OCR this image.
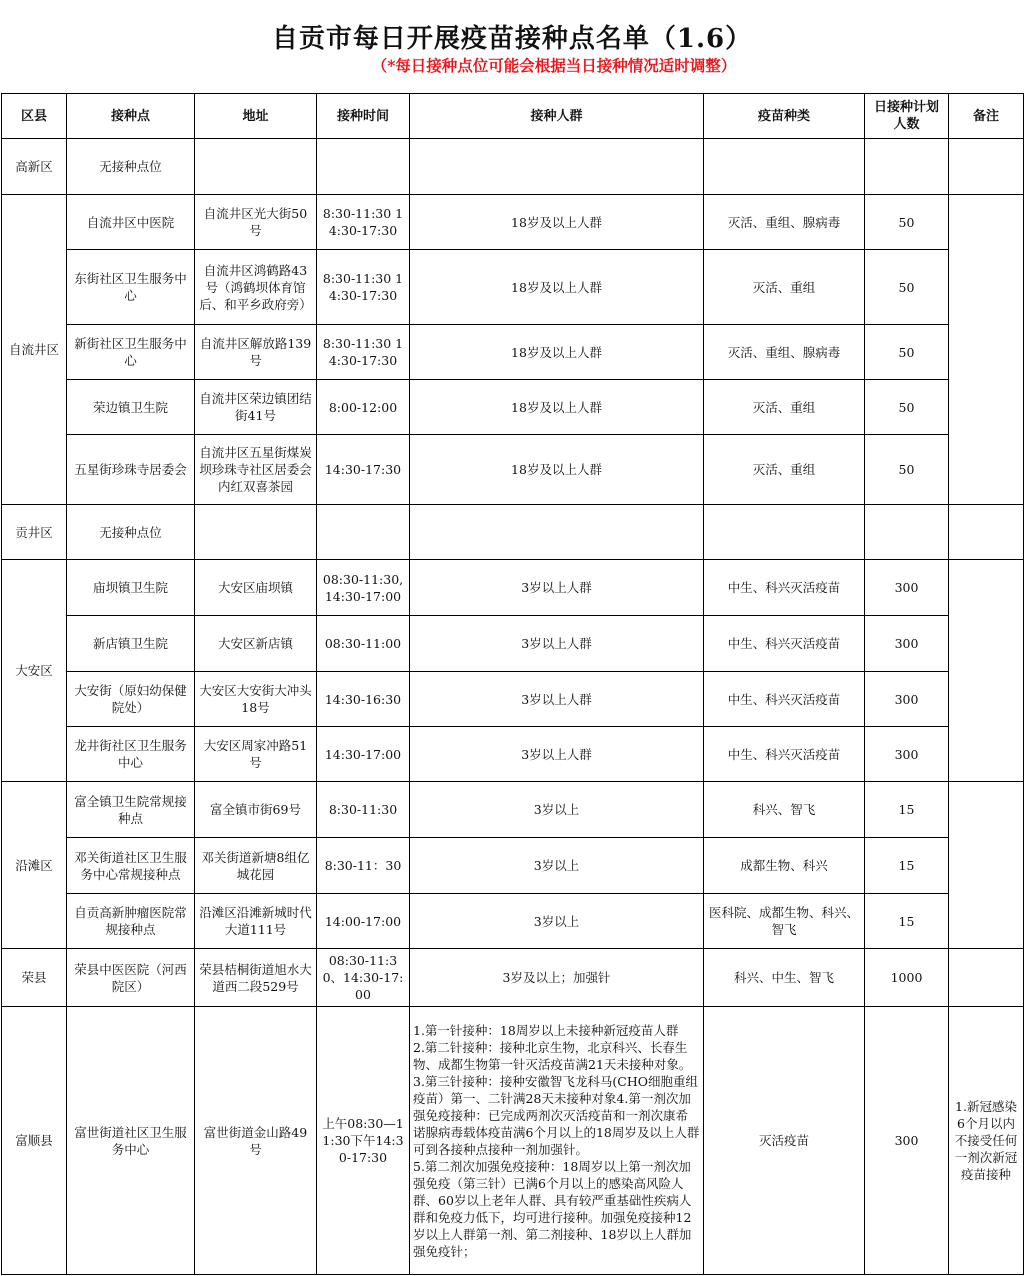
自贡市每日开展疫苗接种点名单（1.6）
（*每日接种点位可能会根据当日接种情况适时调整）
区县	接种点	地址	接种时间	接种人群	疫苗种类	日接种计划人数	备注
高新区	无接种点位						
自流井区	自流井区中医院	自流井区光大街50号	8:30-11:30 14:30-17:30	18岁及以上人群	灭活、重组、腺病毒	50	
	东街社区卫生服务中心	自流井区鸿鹤路43号（鸿鹤坝体育馆后、和平乡政府旁）	8:30-11:30 14:30-17:30	18岁及以上人群	灭活、重组	50	
	新街社区卫生服务中心	自流井区解放路139号	8:30-11:30 14:30-17:30	18岁及以上人群	灭活、重组、腺病毒	50	
	荣边镇卫生院	自流井区荣边镇团结街41号	8:00-12:00	18岁及以上人群	灭活、重组	50	
	五星街珍珠寺居委会	自流井区五星街煤炭坝珍珠寺社区居委会内红双喜茶园	14:30-17:30	18岁及以上人群	灭活、重组	50	
贡井区	无接种点位						
大安区	庙坝镇卫生院	大安区庙坝镇	08:30-11:30,14:30-17:00	3岁以上人群	中生、科兴灭活疫苗	300	
	新店镇卫生院	大安区新店镇	08:30-11:00	3岁以上人群	中生、科兴灭活疫苗	300	
	大安街（原妇幼保健院处）	大安区大安街大冲头18号	14:30-16:30	3岁以上人群	中生、科兴灭活疫苗	300	
	龙井街社区卫生服务中心	大安区周家冲路51号	14:30-17:00	3岁以上人群	中生、科兴灭活疫苗	300	
沿滩区	富全镇卫生院常规接种点	富全镇市街69号	8:30-11:30	3岁以上	科兴、智飞	15	
	邓关街道社区卫生服务中心常规接种点	邓关街道新塘8组亿城花园	8:30-11：30	3岁以上	成都生物、科兴	15	
	自贡高新肿瘤医院常规接种点	沿滩区沿滩新城时代大道111号	14:00-17:00	3岁以上	医科院、成都生物、科兴、智飞	15	
荣县	荣县中医医院（河西院区）	荣县桔桐街道旭水大道西二段529号	08:30-11:30、14:30-17:00	3岁及以上；加强针	科兴、中生、智飞	1000	
富顺县	富世街道社区卫生服务中心	富世街道金山路49号	上午08:30—11:30下午14:30-17:30	1.第一针接种：18周岁以上未接种新冠疫苗人群
2.第二针接种：接种北京生物，北京科兴、长春生物、成都生物第一针灭活疫苗满21天未接种对象。
3.第三针接种：接种安徽智飞龙科马(CHO细胞重组疫苗）第一、二针满28天未接种对象4.第一剂次加强免疫接种：已完成两剂次灭活疫苗和一剂次康希诺腺病毒载体疫苗满6个月以上的18周岁及以上人群可到各接种点接种一剂加强针。
5.第二剂次加强免疫接种：18周岁以上第一剂次加强免疫（第三针）已满6个月以上的感染高风险人群、60岁以上老年人群、具有较严重基础性疾病人群和免疫力低下，均可进行接种。加强免疫接种12岁以上人群第一剂、第二剂接种、18岁以上人群加强免疫针；	灭活疫苗	300	1.新冠感染6个月以内不接受任何一剂次新冠疫苗接种
